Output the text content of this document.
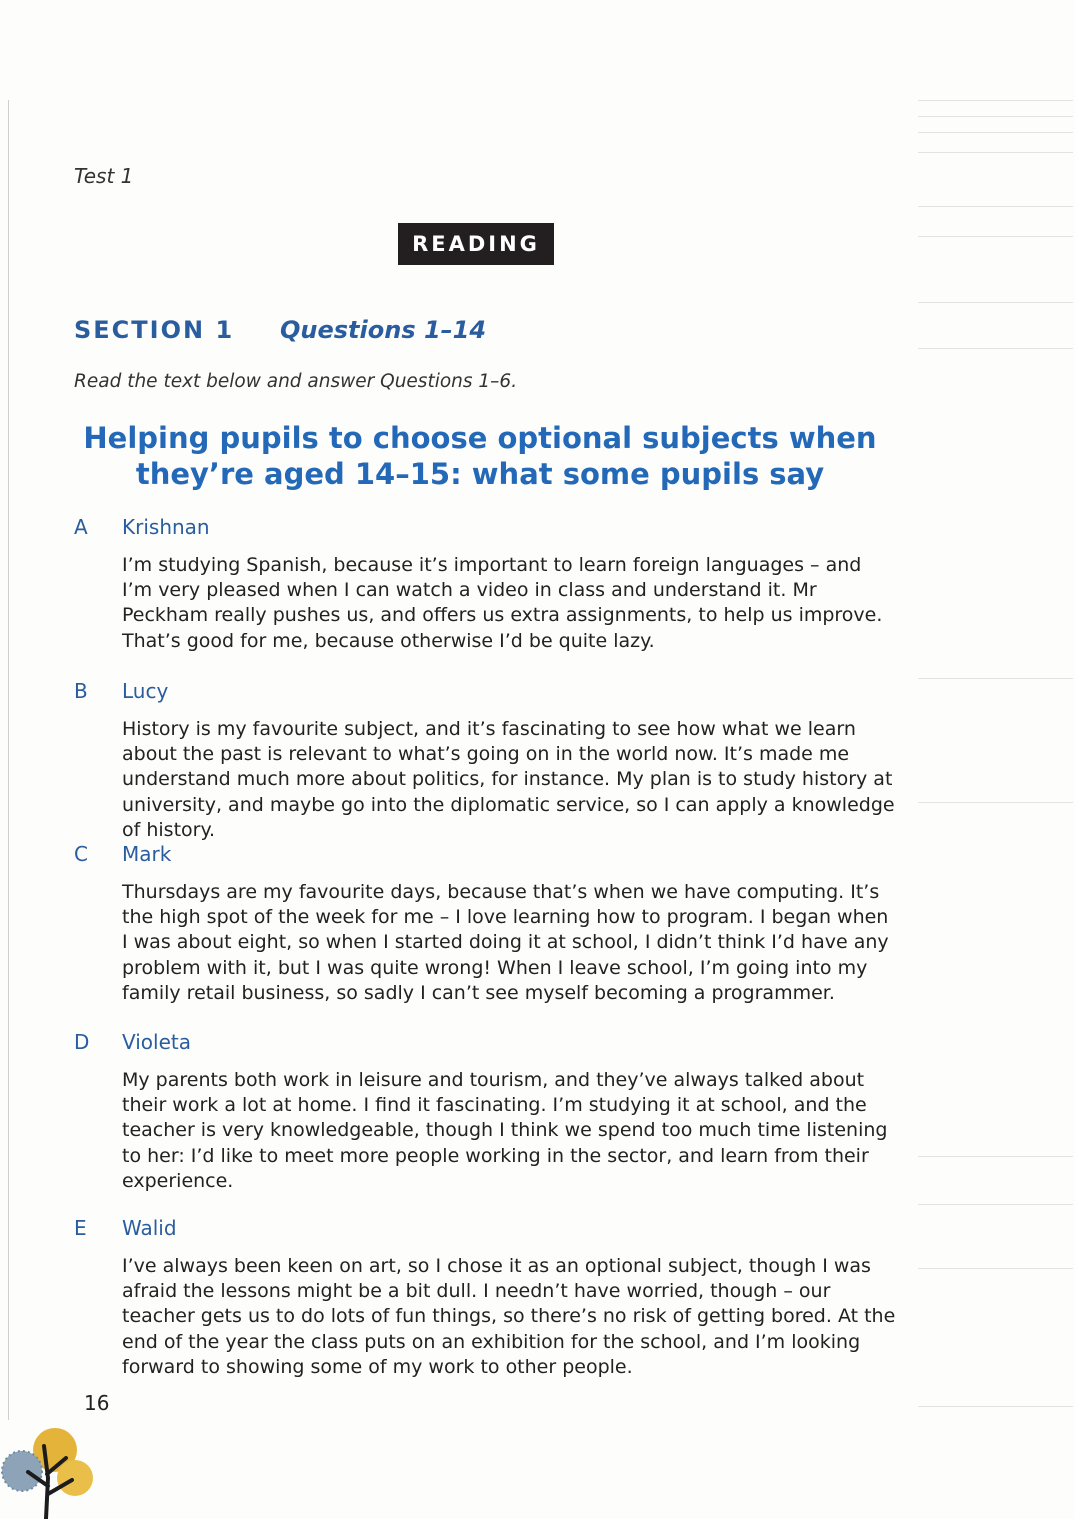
Test 1
READING
SECTION 1 Questions 1–14
Read the text below and answer Questions 1–6.
Helping pupils to choose optional subjects when
they’re aged 14–15: what some pupils say
A Krishnan
I’m studying Spanish, because it’s important to learn foreign languages – and I’m very pleased when I can watch a video in class and understand it. Mr Peckham really pushes us, and offers us extra assignments, to help us improve. That’s good for me, because otherwise I’d be quite lazy.
B Lucy
History is my favourite subject, and it’s fascinating to see how what we learn about the past is relevant to what’s going on in the world now. It’s made me understand much more about politics, for instance. My plan is to study history at university, and maybe go into the diplomatic service, so I can apply a knowledge of history.
C Mark
Thursdays are my favourite days, because that’s when we have computing. It’s the high spot of the week for me – I love learning how to program. I began when I was about eight, so when I started doing it at school, I didn’t think I’d have any problem with it, but I was quite wrong! When I leave school, I’m going into my family retail business, so sadly I can’t see myself becoming a programmer.
D Violeta
My parents both work in leisure and tourism, and they’ve always talked about their work a lot at home. I find it fascinating. I’m studying it at school, and the teacher is very knowledgeable, though I think we spend too much time listening to her: I’d like to meet more people working in the sector, and learn from their experience.
E Walid
I’ve always been keen on art, so I chose it as an optional subject, though I was afraid the lessons might be a bit dull. I needn’t have worried, though – our teacher gets us to do lots of fun things, so there’s no risk of getting bored. At the end of the year the class puts on an exhibition for the school, and I’m looking forward to showing some of my work to other people.
16
